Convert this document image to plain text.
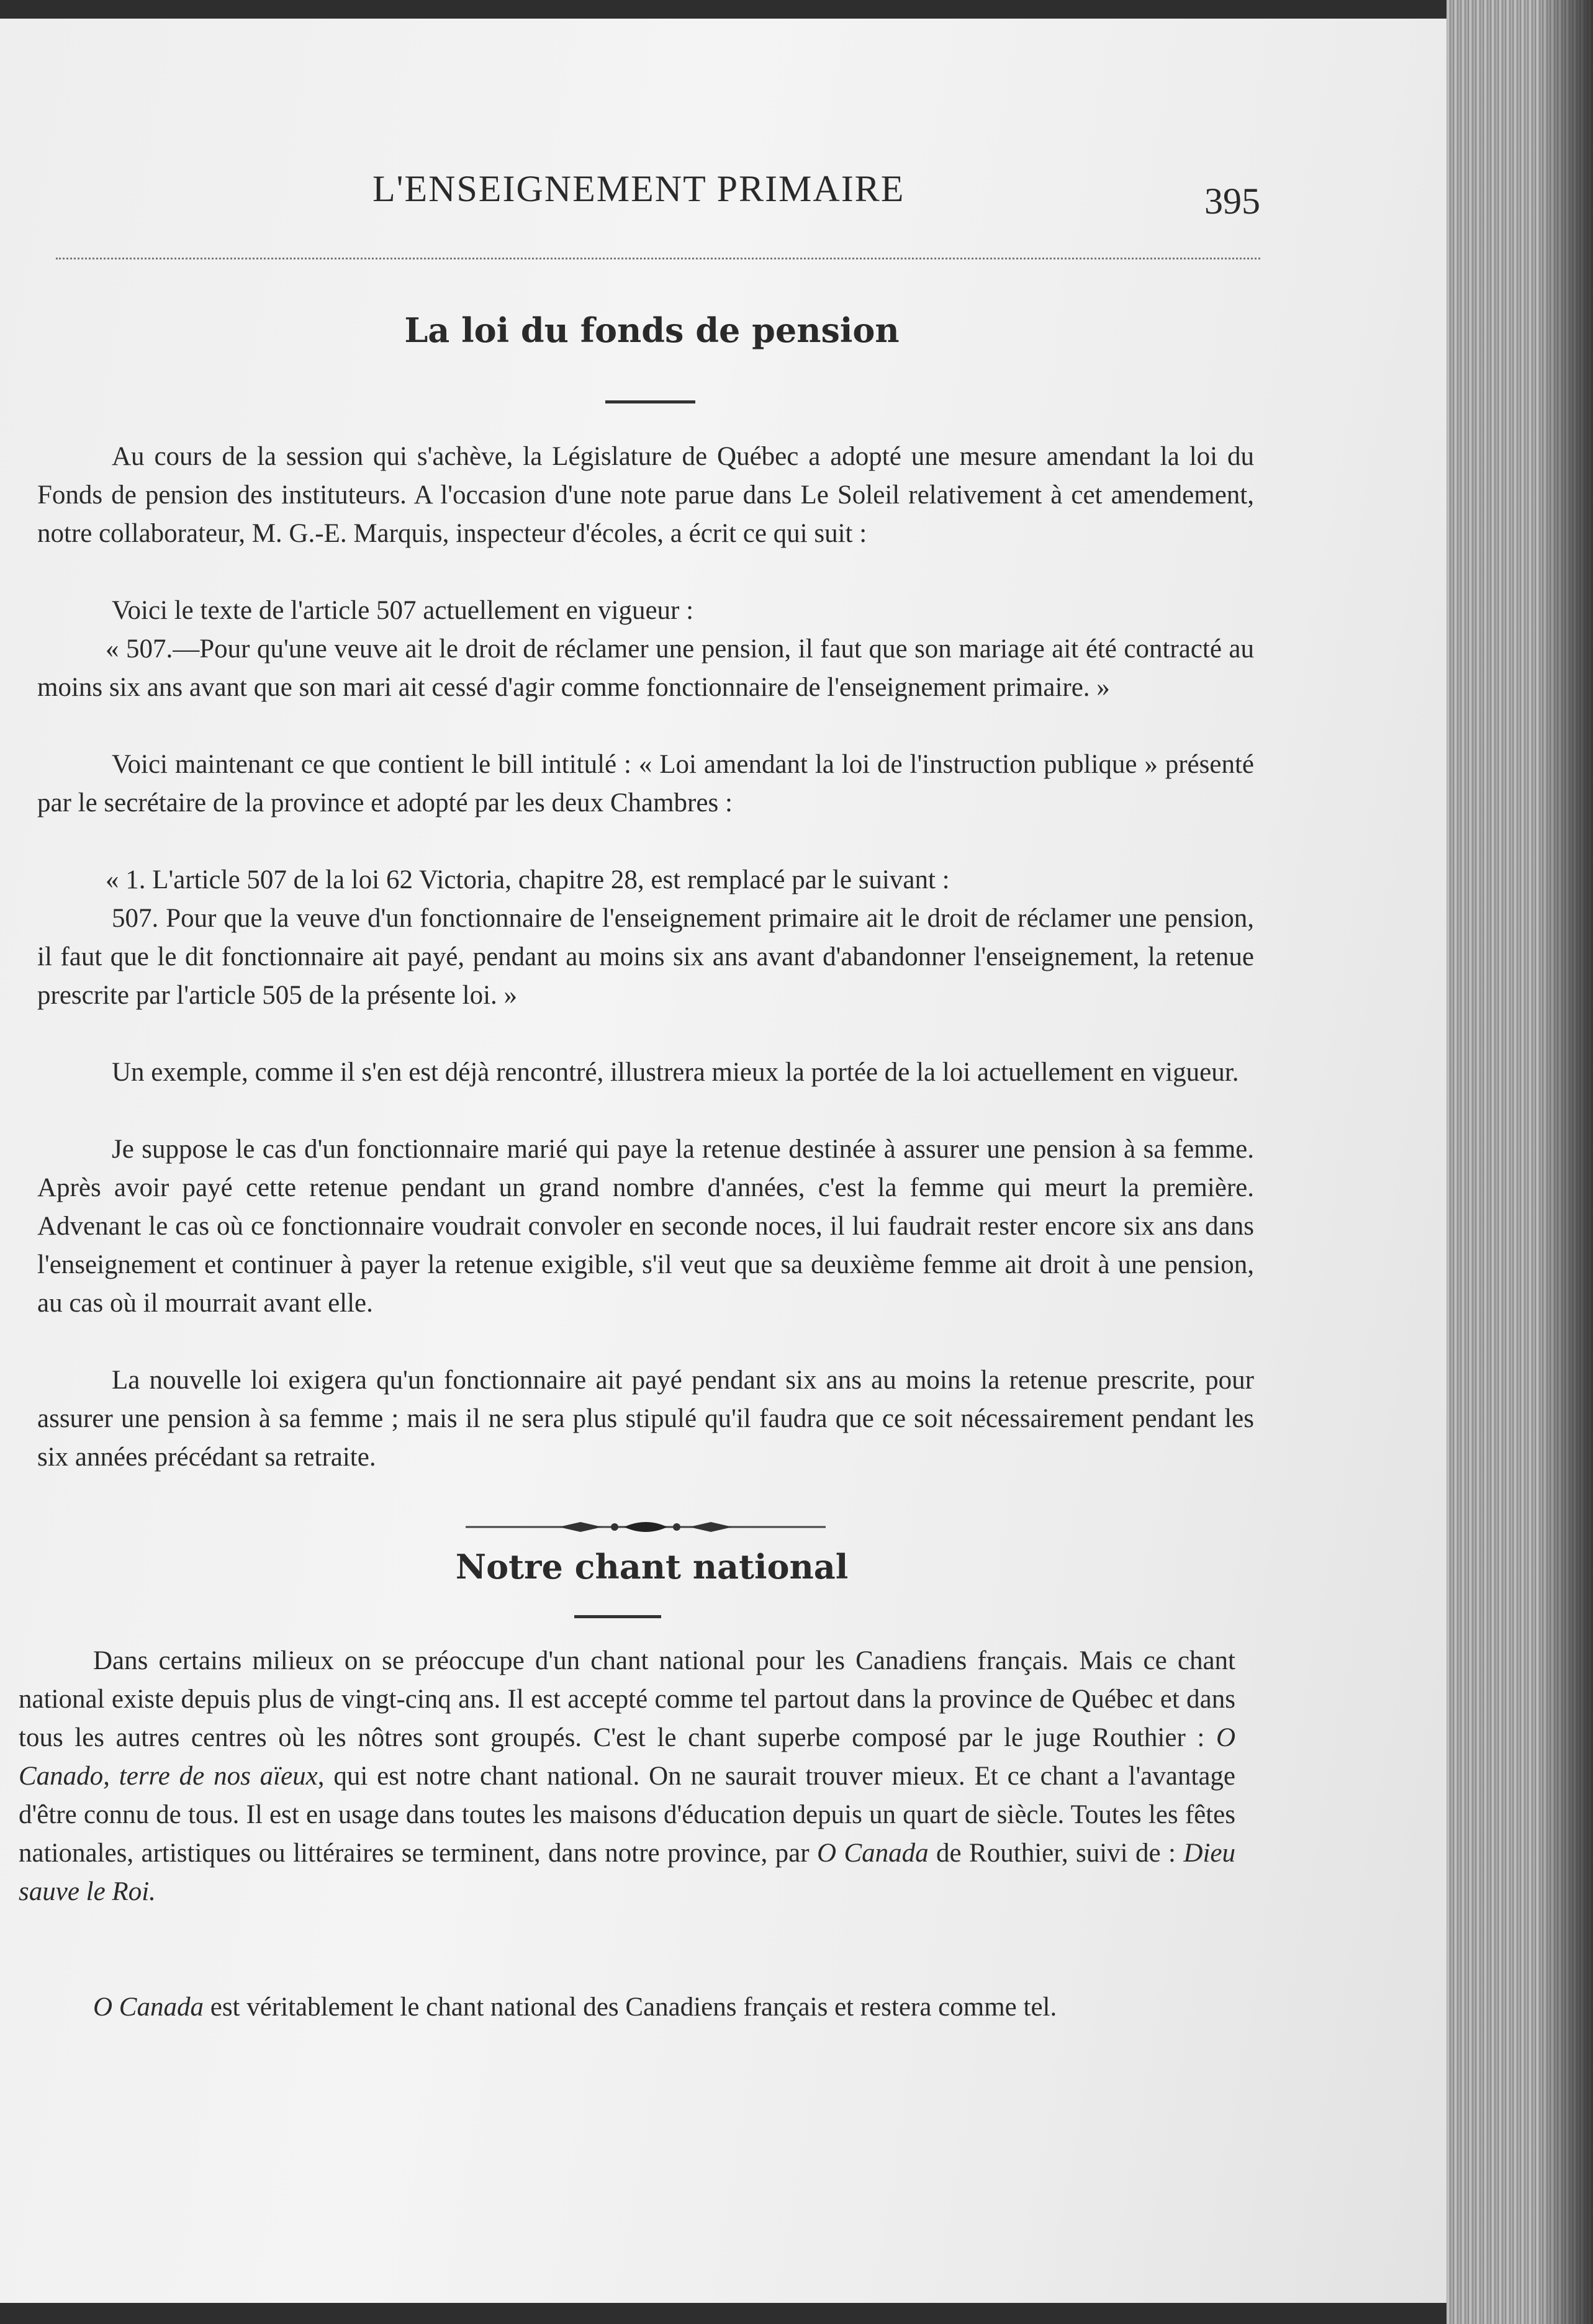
L'ENSEIGNEMENT PRIMAIRE	395
La loi du fonds de pension

Au cours de la session qui s'achève, la Législature de Québec a adopté une mesure amendant la loi du Fonds de pension des instituteurs. A l'occasion d'une note parue dans Le Soleil relativement à cet amendement, notre collaborateur, M. G.-E. Marquis, inspecteur d'écoles, a écrit ce qui suit :

Voici le texte de l'article 507 actuellement en vigueur :

« 507.—Pour qu'une veuve ait le droit de réclamer une pension, il faut que son mariage ait été contracté au moins six ans avant que son mari ait cessé d'agir comme fonctionnaire de l'enseignement primaire. »

Voici maintenant ce que contient le bill intitulé : « Loi amendant la loi de l'instruction publique » présenté par le secrétaire de la province et adopté par les deux Chambres :

« 1. L'article 507 de la loi 62 Victoria, chapitre 28, est remplacé par le suivant :

507. Pour que la veuve d'un fonctionnaire de l'enseignement primaire ait le droit de réclamer une pension, il faut que le dit fonctionnaire ait payé, pendant au moins six ans avant d'abandonner l'enseignement, la retenue prescrite par l'article 505 de la présente loi. »

Un exemple, comme il s'en est déjà rencontré, illustrera mieux la portée de la loi actuellement en vigueur.

Je suppose le cas d'un fonctionnaire marié qui paye la retenue destinée à assurer une pension à sa femme. Après avoir payé cette retenue pendant un grand nombre d'années, c'est la femme qui meurt la première. Advenant le cas où ce fonctionnaire voudrait convoler en seconde noces, il lui faudrait rester encore six ans dans l'enseignement et continuer à payer la retenue exigible, s'il veut que sa deuxième femme ait droit à une pension, au cas où il mourrait avant elle.

La nouvelle loi exigera qu'un fonctionnaire ait payé pendant six ans au moins la retenue prescrite, pour assurer une pension à sa femme ; mais il ne sera plus stipulé qu'il faudra que ce soit nécessairement pendant les six années précédant sa retraite.

Notre chant national

Dans certains milieux on se préoccupe d'un chant national pour les Canadiens français. Mais ce chant national existe depuis plus de vingt-cinq ans. Il est accepté comme tel partout dans la province de Québec et dans tous les autres centres où les nôtres sont groupés. C'est le chant superbe composé par le juge Routhier : O Canado, terre de nos aïeux, qui est notre chant national. On ne saurait trouver mieux. Et ce chant a l'avantage d'être connu de tous. Il est en usage dans toutes les maisons d'éducation depuis un quart de siècle. Toutes les fêtes nationales, artistiques ou littéraires se terminent, dans notre province, par O Canada de Routhier, suivi de : Dieu sauve le Roi.

O Canada est véritablement le chant national des Canadiens français et restera comme tel.
